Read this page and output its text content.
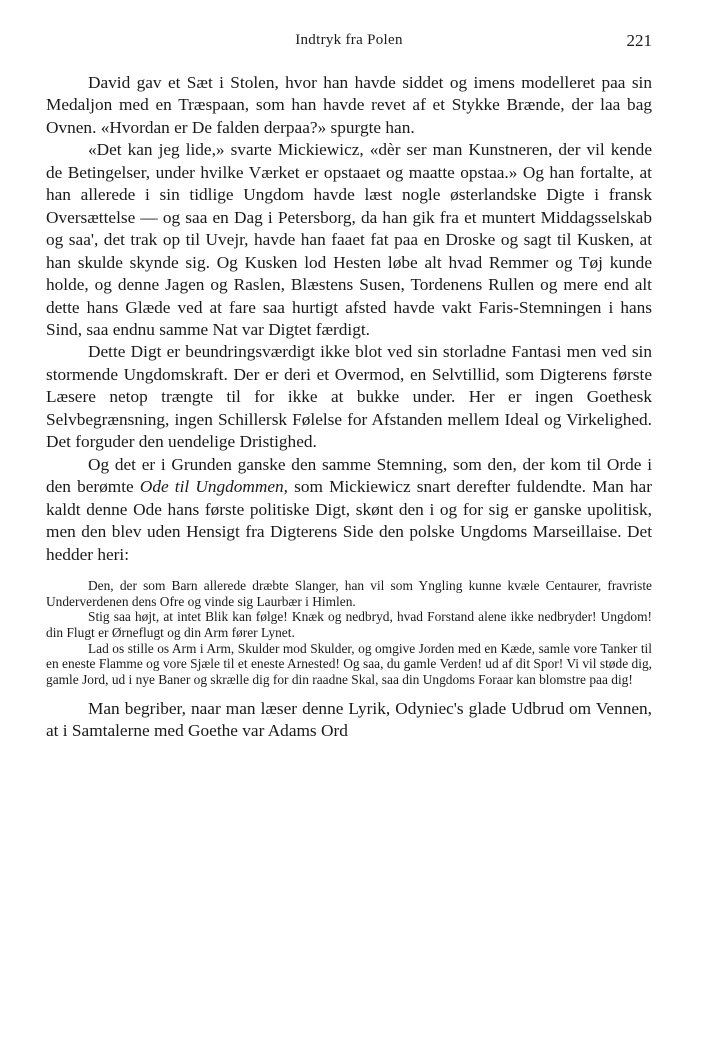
Indtryk fra Polen	221

David gav et Sæt i Stolen, hvor han havde siddet og imens modelleret paa sin Medaljon med en Træspaan, som han havde revet af et Stykke Brænde, der laa bag Ovnen. «Hvordan er De falden derpaa?» spurgte han.

«Det kan jeg lide,» svarte Mickiewicz, «dèr ser man Kunstneren, der vil kende de Betingelser, under hvilke Værket er opstaaet og maatte opstaa.» Og han fortalte, at han allerede i sin tidlige Ungdom havde læst nogle østerlandske Digte i fransk Oversættelse — og saa en Dag i Petersborg, da han gik fra et muntert Middagsselskab og saa', det trak op til Uvejr, havde han faaet fat paa en Droske og sagt til Kusken, at han skulde skynde sig. Og Kusken lod Hesten løbe alt hvad Remmer og Tøj kunde holde, og denne Jagen og Raslen, Blæstens Susen, Tordenens Rullen og mere end alt dette hans Glæde ved at fare saa hurtigt afsted havde vakt Faris-Stemningen i hans Sind, saa endnu samme Nat var Digtet færdigt.

Dette Digt er beundringsværdigt ikke blot ved sin storladne Fantasi men ved sin stormende Ungdomskraft. Der er deri et Overmod, en Selvtillid, som Digterens første Læsere netop trængte til for ikke at bukke under. Her er ingen Goethesk Selvbegrænsning, ingen Schillersk Følelse for Afstanden mellem Ideal og Virkelighed. Det forguder den uendelige Dristighed.

Og det er i Grunden ganske den samme Stemning, som den, der kom til Orde i den berømte Ode til Ungdommen, som Mickiewicz snart derefter fuldendte. Man har kaldt denne Ode hans første politiske Digt, skønt den i og for sig er ganske upolitisk, men den blev uden Hensigt fra Digterens Side den polske Ungdoms Marseillaise. Det hedder heri:

Den, der som Barn allerede dræbte Slanger, han vil som Yngling kunne kvæle Centaurer, fravriste Underverdenen dens Ofre og vinde sig Laurbær i Himlen.

Stig saa højt, at intet Blik kan følge! Knæk og nedbryd, hvad Forstand alene ikke nedbryder! Ungdom! din Flugt er Ørneflugt og din Arm fører Lynet.

Lad os stille os Arm i Arm, Skulder mod Skulder, og omgive Jorden med en Kæde, samle vore Tanker til en eneste Flamme og vore Sjæle til et eneste Arnested! Og saa, du gamle Verden! ud af dit Spor! Vi vil støde dig, gamle Jord, ud i nye Baner og skrælle dig for din raadne Skal, saa din Ungdoms Foraar kan blomstre paa dig!

Man begriber, naar man læser denne Lyrik, Odyniec's glade Udbrud om Vennen, at i Samtalerne med Goethe var Adams Ord
